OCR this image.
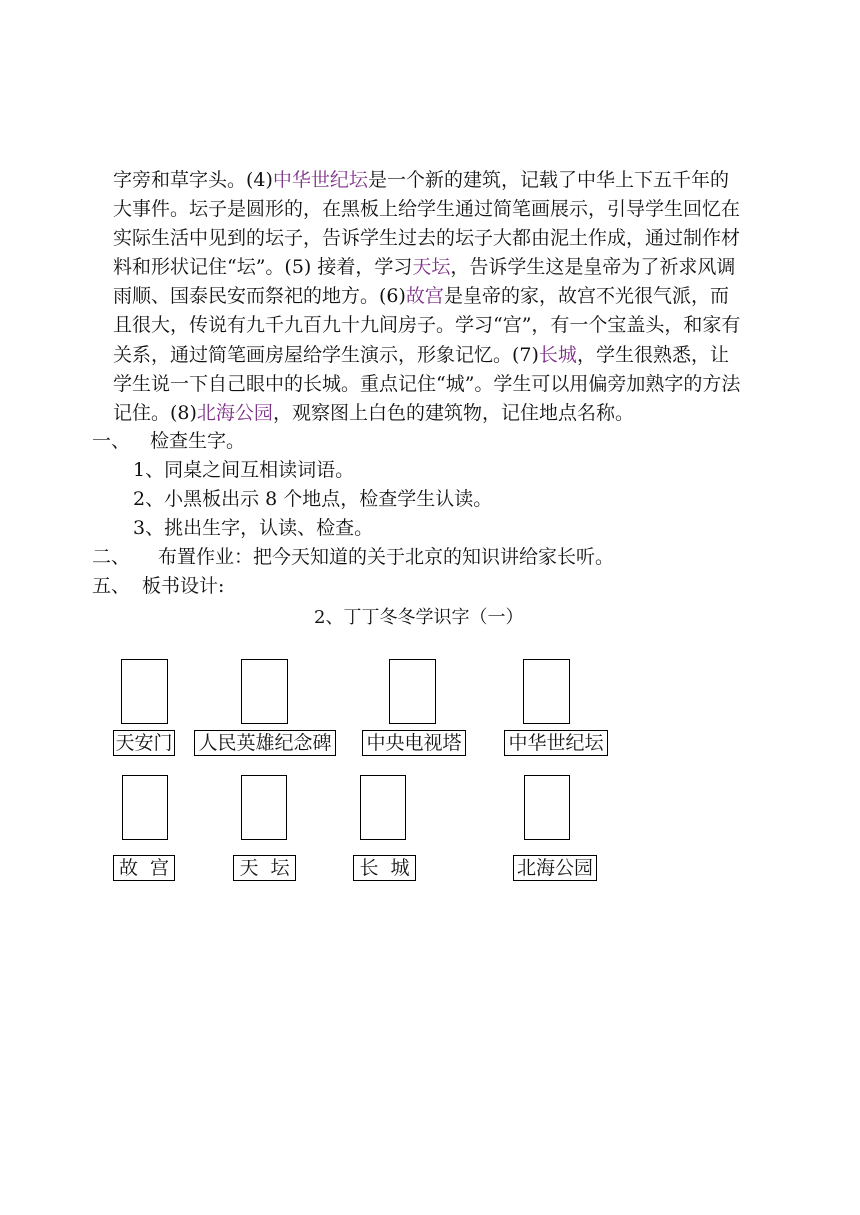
字旁和草字头。(4)中华世纪坛是一个新的建筑，记载了中华上下五千年的
大事件。坛子是圆形的，在黑板上给学生通过简笔画展示，引导学生回忆在
实际生活中见到的坛子，告诉学生过去的坛子大都由泥土作成，通过制作材
料和形状记住“坛”。(5) 接着，学习天坛，告诉学生这是皇帝为了祈求风调
雨顺、国泰民安而祭祀的地方。(6)故宫是皇帝的家，故宫不光很气派，而
且很大，传说有九千九百九十九间房子。学习“宫”，有一个宝盖头，和家有
关系，通过简笔画房屋给学生演示，形象记忆。(7)长城，学生很熟悉，让
学生说一下自己眼中的长城。重点记住“城”。学生可以用偏旁加熟字的方法
记住。(8)北海公园，观察图上白色的建筑物，记住地点名称。
一、 检查生字。
1、同桌之间互相读词语。
2、小黑板出示 8 个地点，检查学生认读。
3、挑出生字，认读、检查。
二、 布置作业：把今天知道的关于北京的知识讲给家长听。
五、 板书设计:
2、丁丁冬冬学识字（一）
天安门 人民英雄纪念碑 中央电视塔 中华世纪坛
故  宫	天  坛	长  城	北海公园
